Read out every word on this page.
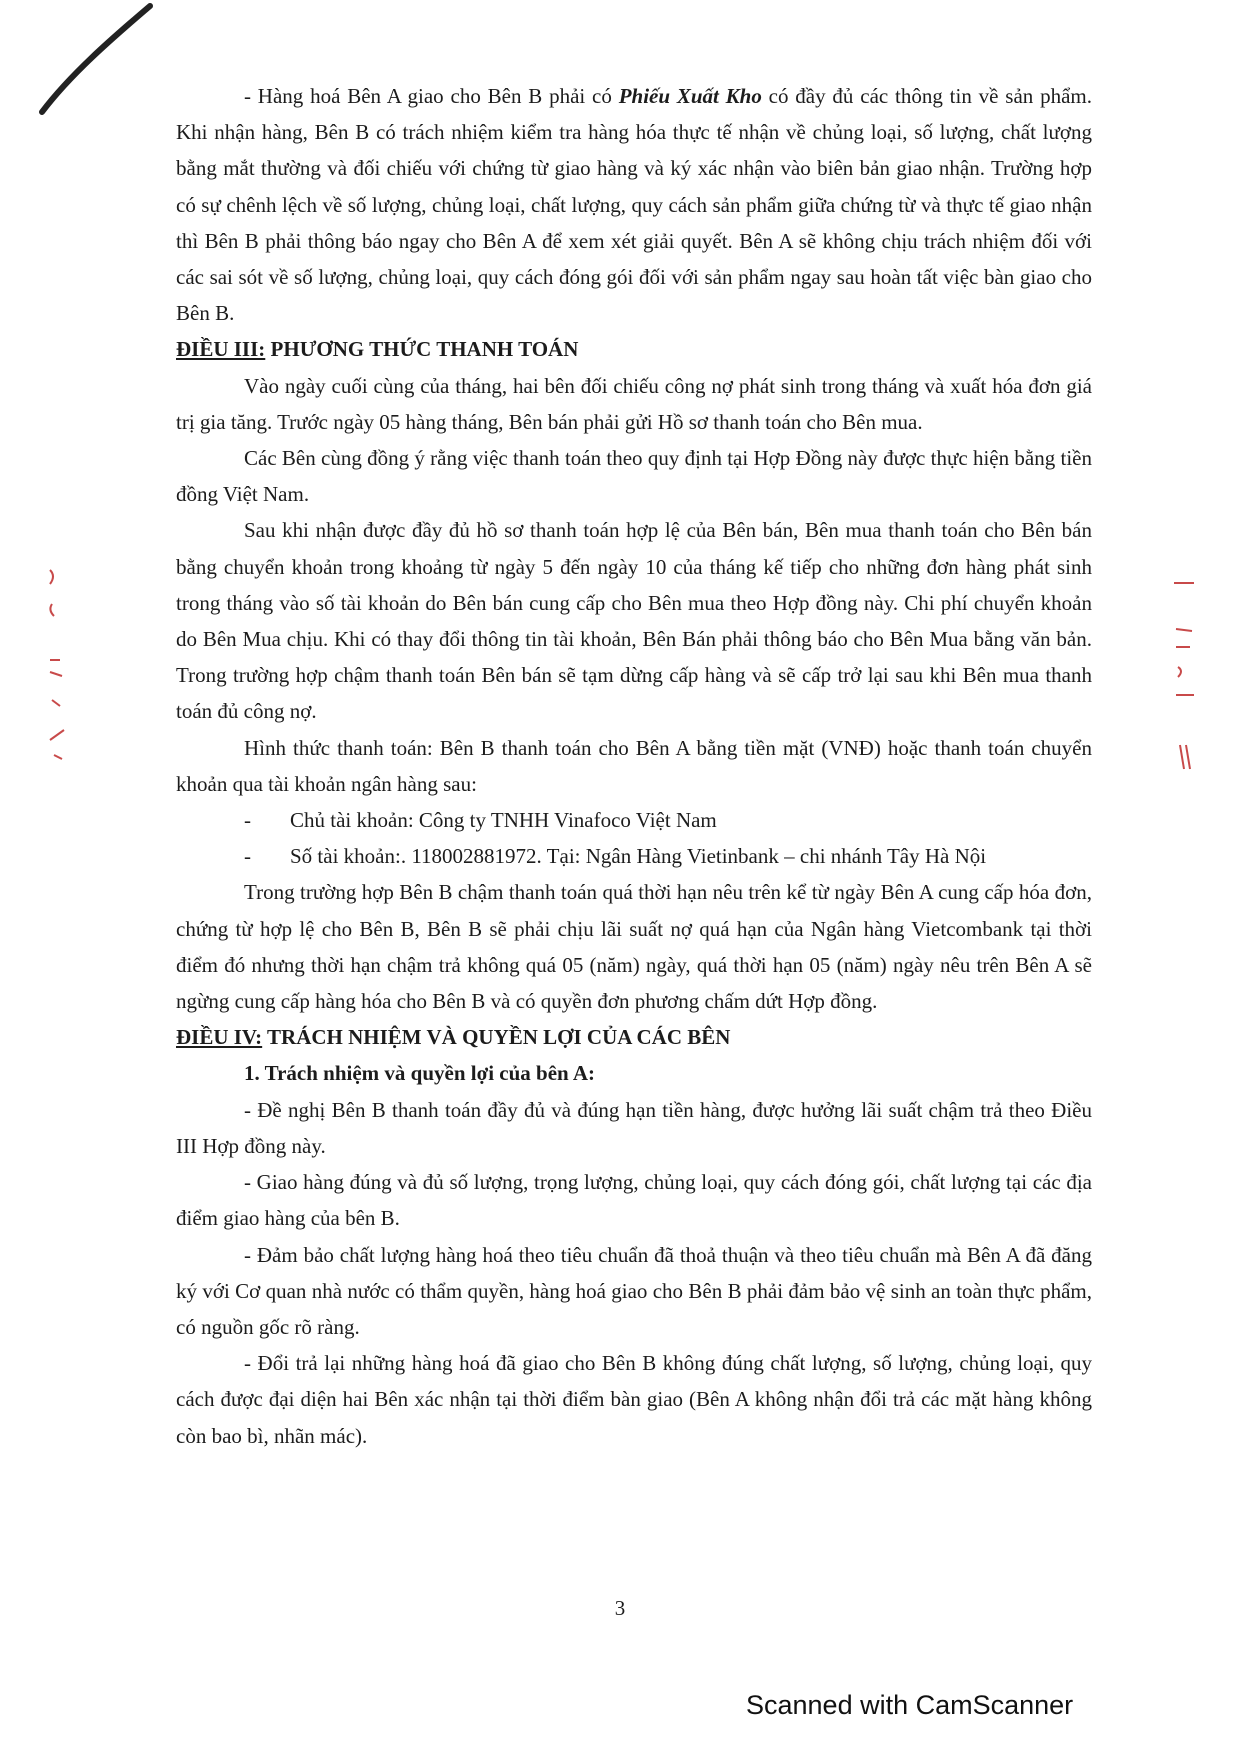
- Hàng hoá Bên A giao cho Bên B phải có Phiếu Xuất Kho có đầy đủ các thông tin về sản phẩm. Khi nhận hàng, Bên B có trách nhiệm kiểm tra hàng hóa thực tế nhận về chủng loại, số lượng, chất lượng bằng mắt thường và đối chiếu với chứng từ giao hàng và ký xác nhận vào biên bản giao nhận. Trường hợp có sự chênh lệch về số lượng, chủng loại, chất lượng, quy cách sản phẩm giữa chứng từ và thực tế giao nhận thì Bên B phải thông báo ngay cho Bên A để xem xét giải quyết. Bên A sẽ không chịu trách nhiệm đối với các sai sót về số lượng, chủng loại, quy cách đóng gói đối với sản phẩm ngay sau hoàn tất việc bàn giao cho Bên B.

ĐIỀU III: PHƯƠNG THỨC THANH TOÁN

Vào ngày cuối cùng của tháng, hai bên đối chiếu công nợ phát sinh trong tháng và xuất hóa đơn giá trị gia tăng. Trước ngày 05 hàng tháng, Bên bán phải gửi Hồ sơ thanh toán cho Bên mua.

Các Bên cùng đồng ý rằng việc thanh toán theo quy định tại Hợp Đồng này được thực hiện bằng tiền đồng Việt Nam.

Sau khi nhận được đầy đủ hồ sơ thanh toán hợp lệ của Bên bán, Bên mua thanh toán cho Bên bán bằng chuyển khoản trong khoảng từ ngày 5 đến ngày 10 của tháng kế tiếp cho những đơn hàng phát sinh trong tháng vào số tài khoản do Bên bán cung cấp cho Bên mua theo Hợp đồng này. Chi phí chuyển khoản do Bên Mua chịu. Khi có thay đổi thông tin tài khoản, Bên Bán phải thông báo cho Bên Mua bằng văn bản. Trong trường hợp chậm thanh toán Bên bán sẽ tạm dừng cấp hàng và sẽ cấp trở lại sau khi Bên mua thanh toán đủ công nợ.

Hình thức thanh toán: Bên B thanh toán cho Bên A bằng tiền mặt (VNĐ) hoặc thanh toán chuyển khoản qua tài khoản ngân hàng sau:

- Chủ tài khoản: Công ty TNHH Vinafoco Việt Nam

- Số tài khoản:. 118002881972. Tại: Ngân Hàng Vietinbank – chi nhánh Tây Hà Nội

Trong trường hợp Bên B chậm thanh toán quá thời hạn nêu trên kể từ ngày Bên A cung cấp hóa đơn, chứng từ hợp lệ cho Bên B, Bên B sẽ phải chịu lãi suất nợ quá hạn của Ngân hàng Vietcombank tại thời điểm đó nhưng thời hạn chậm trả không quá 05 (năm) ngày, quá thời hạn 05 (năm) ngày nêu trên Bên A sẽ ngừng cung cấp hàng hóa cho Bên B và có quyền đơn phương chấm dứt Hợp đồng.

ĐIỀU IV: TRÁCH NHIỆM VÀ QUYỀN LỢI CỦA CÁC BÊN

1. Trách nhiệm và quyền lợi của bên A:

- Đề nghị Bên B thanh toán đầy đủ và đúng hạn tiền hàng, được hưởng lãi suất chậm trả theo Điều III Hợp đồng này.

- Giao hàng đúng và đủ số lượng, trọng lượng, chủng loại, quy cách đóng gói, chất lượng tại các địa điểm giao hàng của bên B.

- Đảm bảo chất lượng hàng hoá theo tiêu chuẩn đã thoả thuận và theo tiêu chuẩn mà Bên A đã đăng ký với Cơ quan nhà nước có thẩm quyền, hàng hoá giao cho Bên B phải đảm bảo vệ sinh an toàn thực phẩm, có nguồn gốc rõ ràng.

- Đổi trả lại những hàng hoá đã giao cho Bên B không đúng chất lượng, số lượng, chủng loại, quy cách được đại diện hai Bên xác nhận tại thời điểm bàn giao (Bên A không nhận đổi trả các mặt hàng không còn bao bì, nhãn mác).

3
Scanned with CamScanner
